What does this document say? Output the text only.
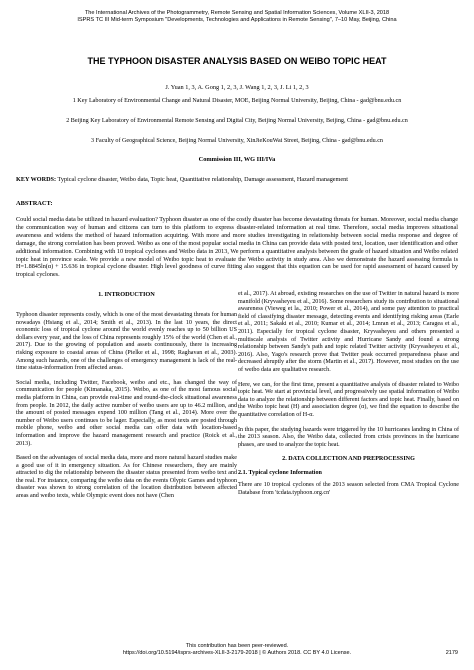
The International Archives of the Photogrammetry, Remote Sensing and Spatial Information Sciences, Volume XLII-3, 2018
ISPRS TC III Mid-term Symposium "Developments, Technologies and Applications in Remote Sensing", 7–10 May, Beijing, China
THE TYPHOON DISASTER ANALYSIS BASED ON WEIBO TOPIC HEAT
J. Yuan 1, 3, A. Gong 1, 2, 3, J. Wang 1, 2, 3, J. Li 1, 2, 3
1 Key Laboratory of Environmental Change and Natural Disaster, MOE, Beijing Normal University, Beijing, China - gad@bnu.edu.cn
2 Beijing Key Laboratory of Environmental Remote Sensing and Digital City, Beijing Normal University, Beijing, China - gad@bnu.edu.cn
3 Faculty of Geographical Science, Beijing Normal University, XinJieKouWai Street, Beijing, China - gad@bnu.edu.cn
Commission III, WG III/IVa
KEY WORDS: Typical cyclone disaster, Weibo data, Topic heat, Quantitative relationship, Damage assessment, Hazard management
ABSTRACT:
Could social media data be utilized in hazard evaluation? Typhoon disaster as one of the costly disaster has become devastating threats for human. Moreover, social media change the communication way of human and citizens can turn to this platform to express disaster-related information at real time. Therefore, social media improves situational awareness and widens the method of hazard information acquiring. With more and more studies investigating in relationship between social media response and degree of damage, the strong correlation has been proved. Weibo as one of the most popular social media in China can provide data with posted text, location, user identification and other additional information. Combining with 10 tropical cyclones and Weibo data in 2013, We perform a quantitative analysis between the grade of hazard situation and Weibo related topic heat in province scale. We provide a new model of Weibo topic heat to evaluate the Weibo activity in study area. Also we demonstrate the hazard assessing formula is H=1.8845ln(α) + 15.636 in tropical cyclone disaster. High level goodness of curve fitting also suggest that this equation can be used for rapid assessment of hazard caused by tropical cyclones.
1. INTRODUCTION

Typhoon disaster represents costly, which is one of the most devastating threats for human nowadays (Hsiang et al., 2014; Smith et al., 2013). In the last 10 years, the direct economic loss of tropical cyclone around the world evenly reaches up to 50 billion US dollars every year, and the loss of China represents roughly 15% of the world (Chen et al., 2017). Due to the growing of population and assets continuously, there is increasing risking exposure to coastal areas of China (Pielke et al., 1998; Raghavan et al., 2003). Among such hazards, one of the challenges of emergency management is lack of the real-time status-information from affected areas.

Social media, including Twitter, Facebook, weibo and etc., has changed the way of communication for people (Kimanaka, 2015). Weibo, as one of the most famous social media platform in China, can provide real-time and round-the-clock situational awareness from people. In 2012, the daily active number of weibo users are up to 46.2 million, and the amount of posted messages expend 100 million (Tang et al., 2014). More over the number of Weibo users continues to be lager. Especially, as most texts are posted through mobile phone, weibo and other social media can offer data with location-based information and improve the hazard management research and practice (Roick et al., 2013).

Based on the advantages of social media data, more and more natural hazard studies make a good use of it in emergency situation. As for Chinese researchers, they are mainly attracted to dig the relationship between the disaster status presented from weibo text and the real. For instance, comparing the weibo data on the events Olypic Games and typhoon disaster was shown to strong correlation of the location distribution between affected areas and weibo texts, while Olympic event does not have (Chen

et al., 2017). At abroad, existing researches on the use of Twitter in natural hazard is more manifold (Kryvasheyeu et al., 2016). Some researchers study its contribution to situational awareness (Vieweg et la., 2010; Power et al., 2014), and some pay attention to practical field of classifying disaster message, detecting events and identifying risking areas (Earle et al., 2011; Sakaki et al., 2010; Kumar et al., 2014; Lmran et al., 2013; Caragea et al., 2011). Especially for tropical cyclone disaster, Kryvasheyeu and others presented a multiscale analysis of Twitter activity and Hurricane Sandy and found a strong relationship between Sandy's path and topic related Twitter activity (Kryvasheyeu et al., 2016). Also, Yago's research prove that Twitter peak occurred preparedness phase and decreased abruptly after the storm (Martin et al., 2017). However, most studies on the use of weibo data are qualitative research.

Here, we can, for the first time, present a quantitative analysis of disaster related to Weibo topic heat. We start at provincial level, and progressively use spatial information of Weibo data to analyze the relationship between different factors and topic heat. Finally, based on the Weibo topic heat (H) and association degree (α), we find the equation to describe the quantitative correlation of H-α.

In this paper, the studying hazards were triggered by the 10 hurricanes landing in China of the 2013 season. Also, the Weibo data, collected from crisis provinces in the hurricane phases, are used to analyze the topic heat.

2. DATA COLLECTION AND PREPROCESSING
2.1. Typical cyclone Information

There are 10 tropical cyclones of the 2013 season selected from CMA Tropical Cyclone Database from 'tcdata.typhoon.org.cn'

This contribution has been peer-reviewed.
https://doi.org/10.5194/isprs-archives-XLII-3-2179-2018 | © Authors 2018. CC BY 4.0 License.	2179
